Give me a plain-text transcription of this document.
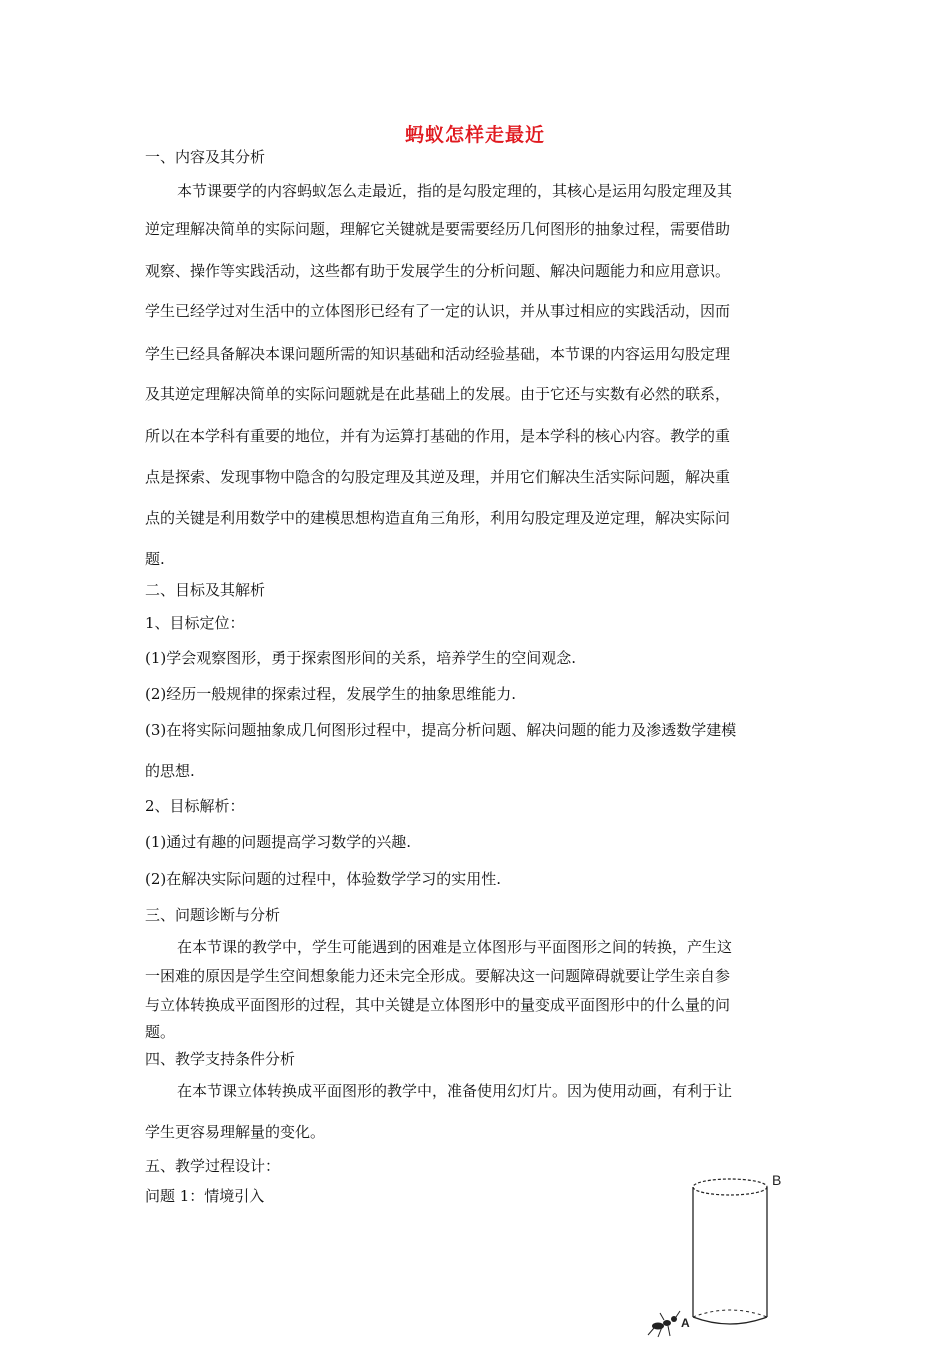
蚂蚁怎样走最近
一、内容及其分析
本节课要学的内容蚂蚁怎么走最近，指的是勾股定理的，其核心是运用勾股定理及其
逆定理解决简单的实际问题，理解它关键就是要需要经历几何图形的抽象过程，需要借助
观察、操作等实践活动，这些都有助于发展学生的分析问题、解决问题能力和应用意识。
学生已经学过对生活中的立体图形已经有了一定的认识，并从事过相应的实践活动，因而
学生已经具备解决本课问题所需的知识基础和活动经验基础，本节课的内容运用勾股定理
及其逆定理解决简单的实际问题就是在此基础上的发展。由于它还与实数有必然的联系，
所以在本学科有重要的地位，并有为运算打基础的作用，是本学科的核心内容。教学的重
点是探索、发现事物中隐含的勾股定理及其逆及理，并用它们解决生活实际问题，解决重
点的关键是利用数学中的建模思想构造直角三角形，利用勾股定理及逆定理，解决实际问
题.
二、目标及其解析
1、目标定位：
(1)学会观察图形，勇于探索图形间的关系，培养学生的空间观念.
(2)经历一般规律的探索过程，发展学生的抽象思维能力.
(3)在将实际问题抽象成几何图形过程中，提高分析问题、解决问题的能力及渗透数学建模
的思想.
2、目标解析：
(1)通过有趣的问题提高学习数学的兴趣.
(2)在解决实际问题的过程中，体验数学学习的实用性.
三、问题诊断与分析
在本节课的教学中，学生可能遇到的困难是立体图形与平面图形之间的转换，产生这
一困难的原因是学生空间想象能力还未完全形成。要解决这一问题障碍就要让学生亲自参
与立体转换成平面图形的过程，其中关键是立体图形中的量变成平面图形中的什么量的问
题。
四、教学支持条件分析
在本节课立体转换成平面图形的教学中，准备使用幻灯片。因为使用动画，有利于让
学生更容易理解量的变化。
五、教学过程设计：
问题 1：情境引入
B
A
